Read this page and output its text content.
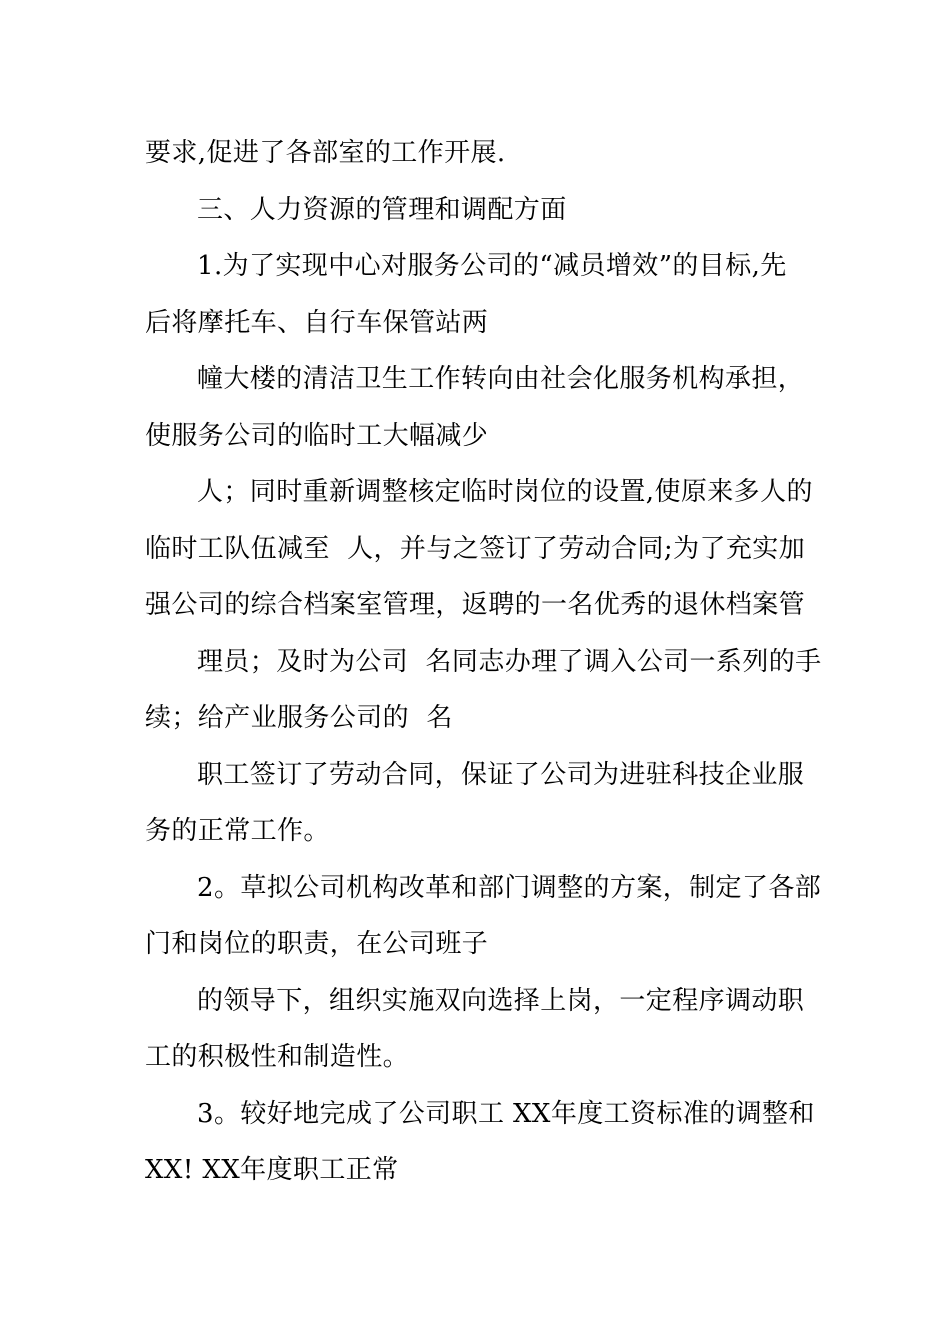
要求,促进了各部室的工作开展.
三、人力资源的管理和调配方面
1.为了实现中心对服务公司的“减员增效”的目标,先
后将摩托车、自行车保管站两
幢大楼的清洁卫生工作转向由社会化服务机构承担，
使服务公司的临时工大幅减少
人；同时重新调整核定临时岗位的设置,使原来多人的
临时工队伍减至  人，并与之签订了劳动合同;为了充实加
强公司的综合档案室管理，返聘的一名优秀的退休档案管
理员；及时为公司  名同志办理了调入公司一系列的手
续；给产业服务公司的  名
职工签订了劳动合同，保证了公司为进驻科技企业服
务的正常工作。
2。草拟公司机构改革和部门调整的方案，制定了各部
门和岗位的职责，在公司班子
的领导下，组织实施双向选择上岗，一定程序调动职
工的积极性和制造性。
3。较好地完成了公司职工 XX年度工资标准的调整和
XX! XX年度职工正常
